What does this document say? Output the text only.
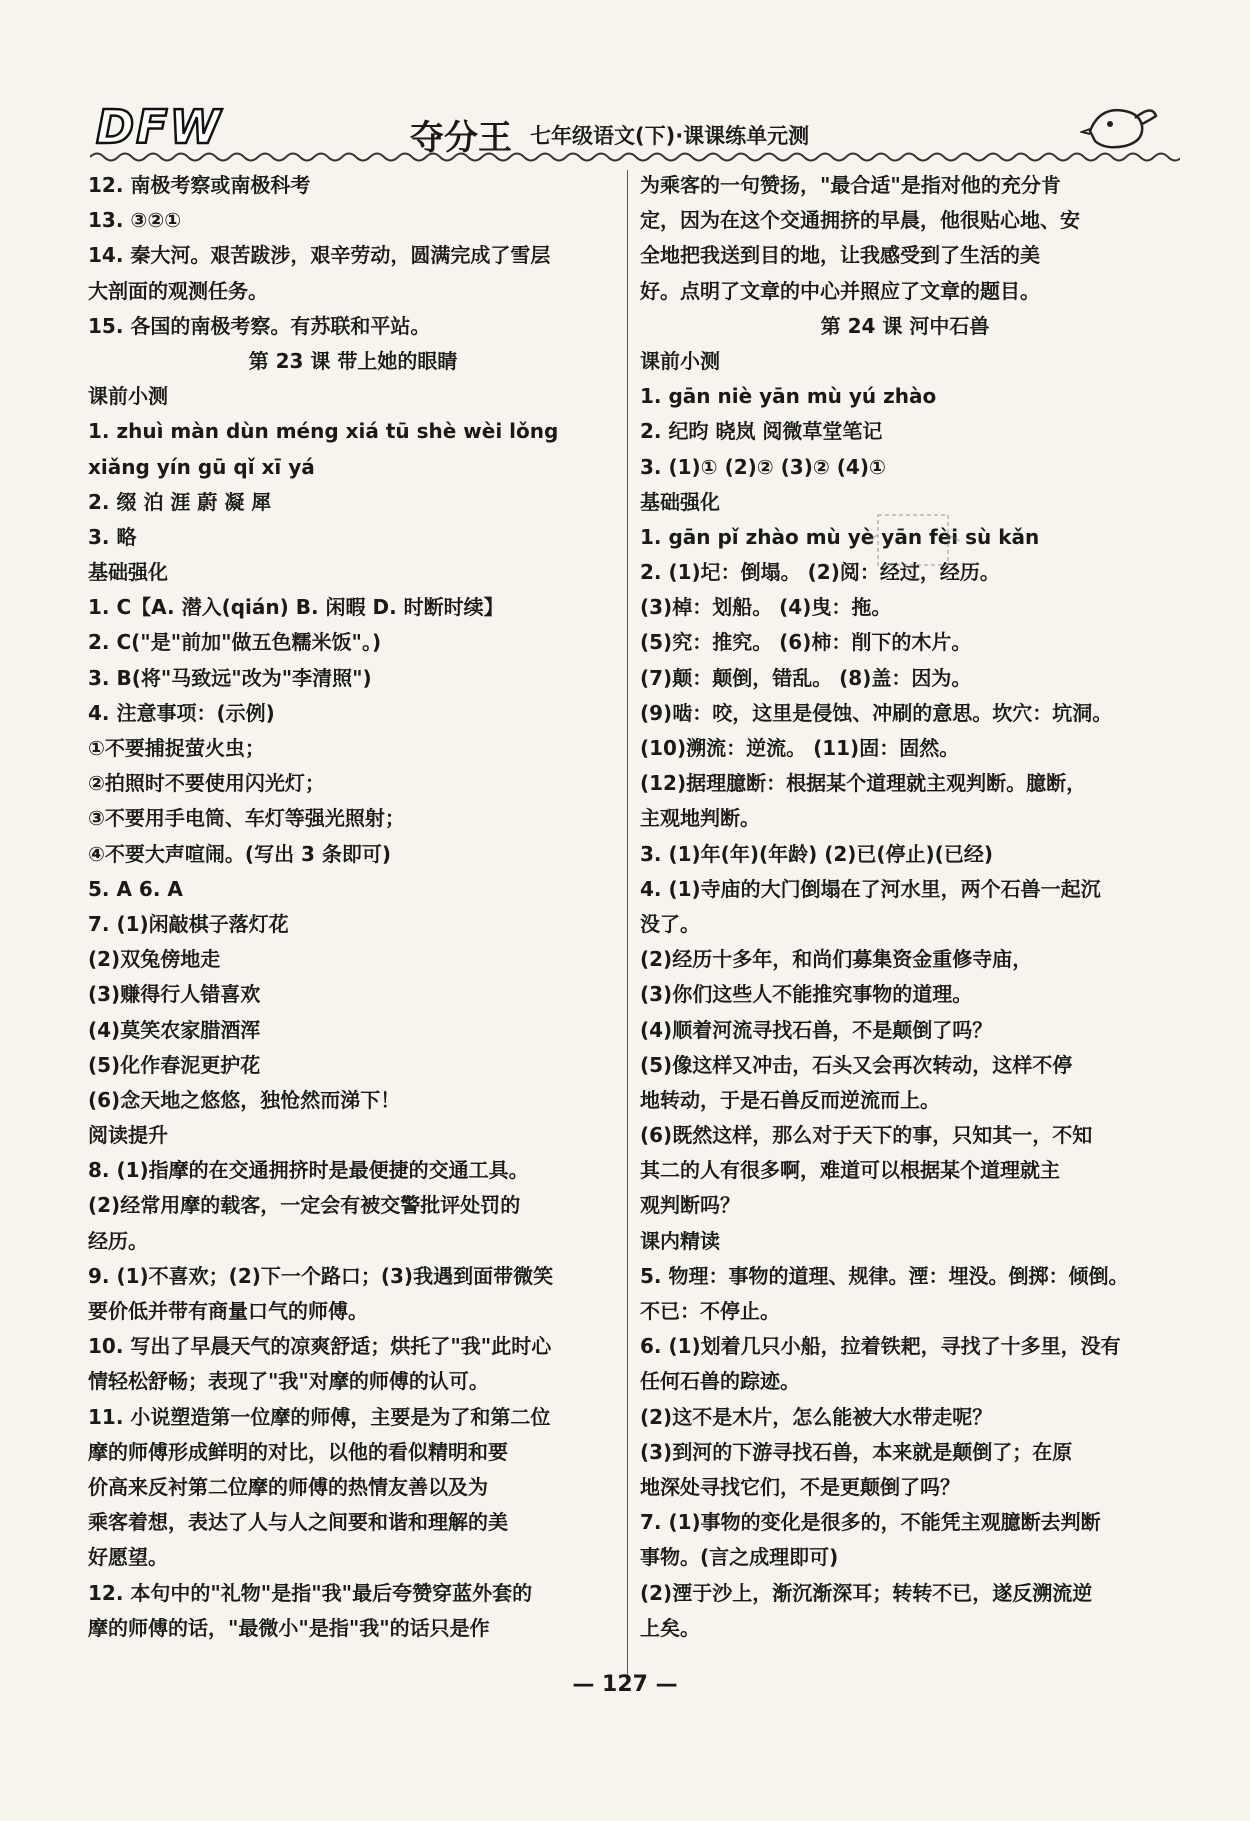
DFW	夺分王 七年级语文(下)·课课练单元测
12. 南极考察或南极科考
13. ③②①
14. 秦大河。艰苦跋涉，艰辛劳动，圆满完成了雪层
大剖面的观测任务。
15. 各国的南极考察。有苏联和平站。
第 23 课 带上她的眼睛
课前小测
1. zhuì màn dùn méng xiá tū shè wèi lǒng
xiǎng yín gū qǐ xī yá
2. 缀 泊 涯 蔚 凝 犀
3. 略
基础强化
1. C【A. 潜入(qián) B. 闲暇 D. 时断时续】
2. C("是"前加"做五色糯米饭"。)
3. B(将"马致远"改为"李清照")
4. 注意事项：(示例)
①不要捕捉萤火虫；
②拍照时不要使用闪光灯；
③不要用手电筒、车灯等强光照射；
④不要大声喧闹。(写出 3 条即可)
5. A 6. A
7. (1)闲敲棋子落灯花
(2)双兔傍地走
(3)赚得行人错喜欢
(4)莫笑农家腊酒浑
(5)化作春泥更护花
(6)念天地之悠悠，独怆然而涕下！
阅读提升
8. (1)指摩的在交通拥挤时是最便捷的交通工具。
(2)经常用摩的载客，一定会有被交警批评处罚的
经历。
9. (1)不喜欢；(2)下一个路口；(3)我遇到面带微笑
要价低并带有商量口气的师傅。
10. 写出了早晨天气的凉爽舒适；烘托了"我"此时心
情轻松舒畅；表现了"我"对摩的师傅的认可。
11. 小说塑造第一位摩的师傅，主要是为了和第二位
摩的师傅形成鲜明的对比，以他的看似精明和要
价高来反衬第二位摩的师傅的热情友善以及为
乘客着想，表达了人与人之间要和谐和理解的美
好愿望。
12. 本句中的"礼物"是指"我"最后夸赞穿蓝外套的
摩的师傅的话，"最微小"是指"我"的话只是作
为乘客的一句赞扬，"最合适"是指对他的充分肯
定，因为在这个交通拥挤的早晨，他很贴心地、安
全地把我送到目的地，让我感受到了生活的美
好。点明了文章的中心并照应了文章的题目。
第 24 课 河中石兽
课前小测
1. gān niè yān mù yú zhào
2. 纪昀 晓岚 阅微草堂笔记
3. (1)① (2)② (3)② (4)①
基础强化
1. gān pǐ zhào mù yè yān fèi sù kǎn
2. (1)圮：倒塌。 (2)阅：经过，经历。
(3)棹：划船。 (4)曳：拖。
(5)究：推究。 (6)柿：削下的木片。
(7)颠：颠倒，错乱。 (8)盖：因为。
(9)啮：咬，这里是侵蚀、冲刷的意思。坎穴：坑洞。
(10)溯流：逆流。 (11)固：固然。
(12)据理臆断：根据某个道理就主观判断。臆断，
主观地判断。
3. (1)年(年)(年龄) (2)已(停止)(已经)
4. (1)寺庙的大门倒塌在了河水里，两个石兽一起沉
没了。
(2)经历十多年，和尚们募集资金重修寺庙，
(3)你们这些人不能推究事物的道理。
(4)顺着河流寻找石兽，不是颠倒了吗？
(5)像这样又冲击，石头又会再次转动，这样不停
地转动，于是石兽反而逆流而上。
(6)既然这样，那么对于天下的事，只知其一，不知
其二的人有很多啊，难道可以根据某个道理就主
观判断吗？
课内精读
5. 物理：事物的道理、规律。湮：埋没。倒掷：倾倒。
不已：不停止。
6. (1)划着几只小船，拉着铁耙，寻找了十多里，没有
任何石兽的踪迹。
(2)这不是木片，怎么能被大水带走呢？
(3)到河的下游寻找石兽，本来就是颠倒了；在原
地深处寻找它们，不是更颠倒了吗？
7. (1)事物的变化是很多的，不能凭主观臆断去判断
事物。(言之成理即可)
(2)湮于沙上，渐沉渐深耳；转转不已，遂反溯流逆
上矣。
— 127 —
